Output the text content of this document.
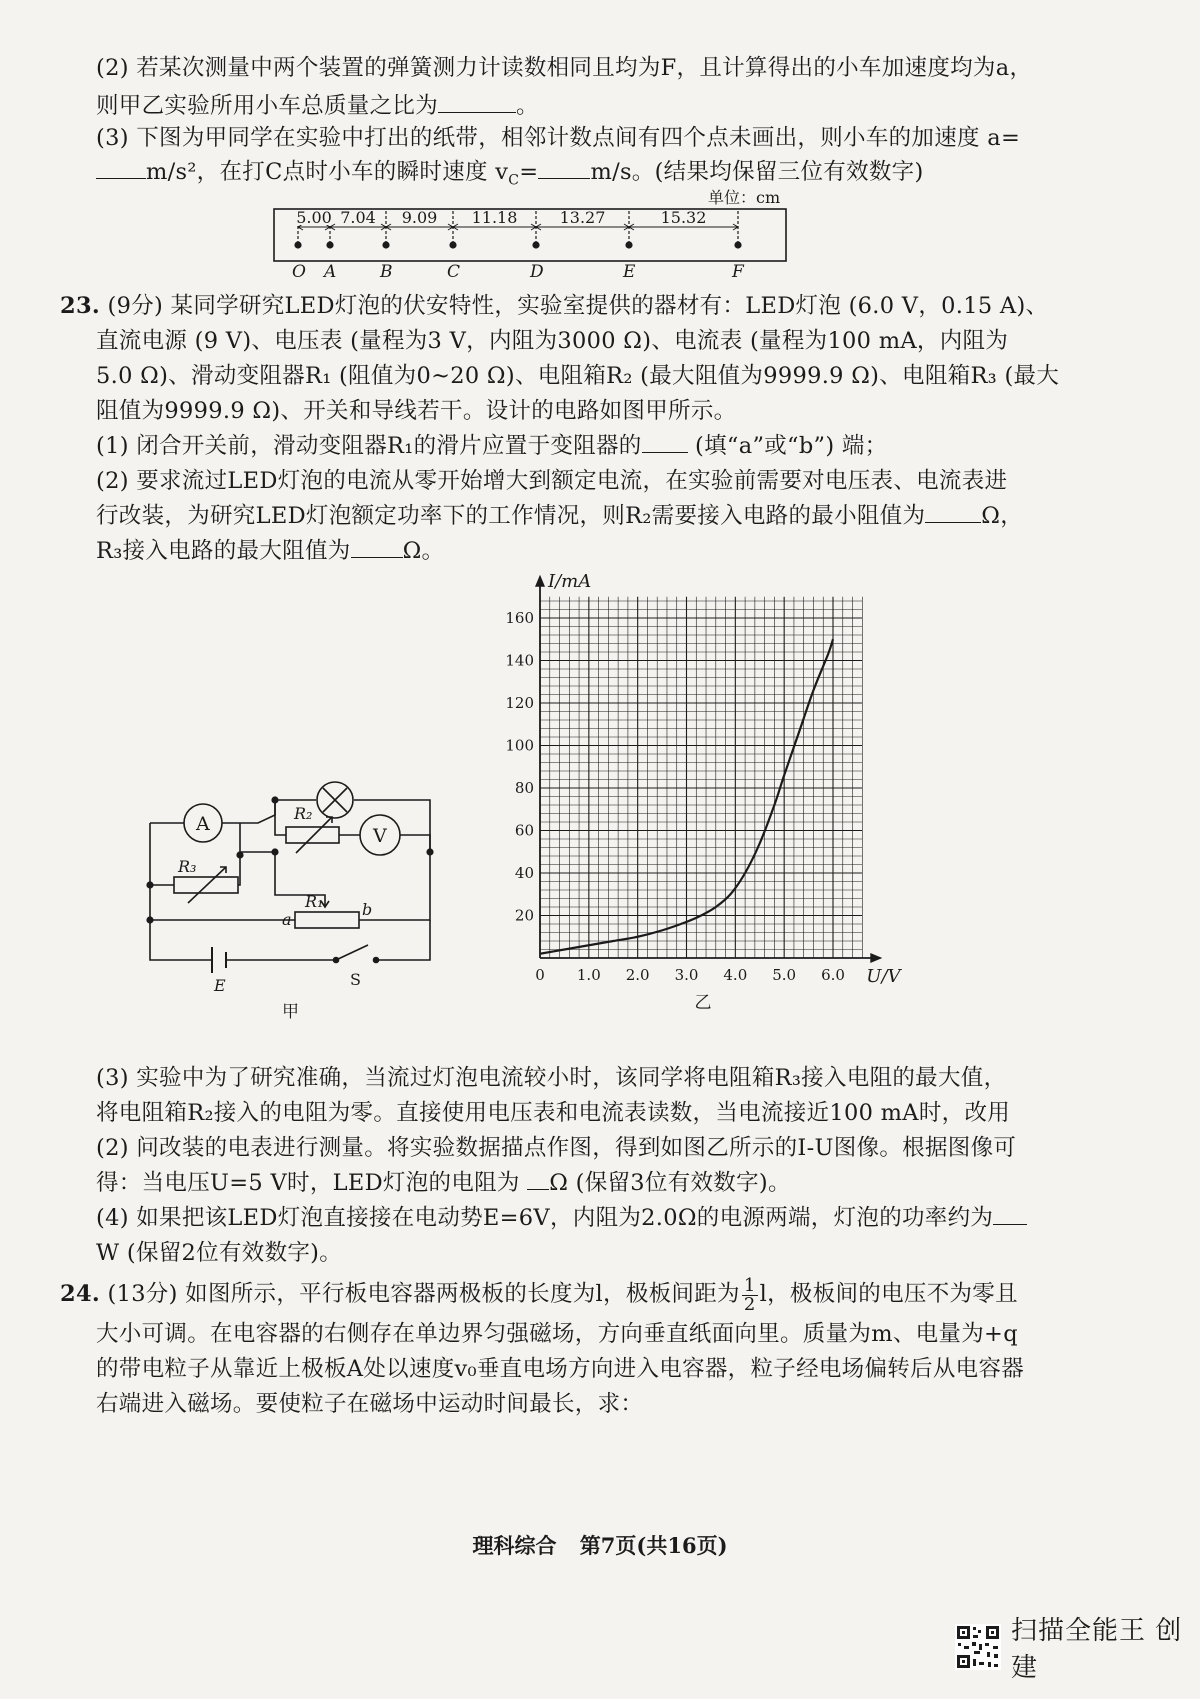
(2) 若某次测量中两个装置的弹簧测力计读数相同且均为F，且计算得出的小车加速度均为a，
则甲乙实验所用小车总质量之比为	。
(3) 下图为甲同学在实验中打出的纸带，相邻计数点间有四个点未画出，则小车的加速度 a=
m/s²，在打C点时小车的瞬时速度 $v_C= m/s$。(结果均保留三位有效数字)
单位：cm
O A	B	C	D	E	F
5.00 7.04 9.09 11.18	13.27	15.32
23. (9分) 某同学研究LED灯泡的伏安特性，实验室提供的器材有：LED灯泡 (6.0 V，0.15 A)、
直流电源 (9 V)、电压表 (量程为3 V，内阻为3000 Ω)、电流表 (量程为100 mA，内阻为
5.0 Ω)、滑动变阻器R₁ (阻值为0~20 Ω)、电阻箱R₂ (最大阻值为9999.9 Ω)、电阻箱R₃ (最大
阻值为9999.9 Ω)、开关和导线若干。设计的电路如图甲所示。
(1) 闭合开关前，滑动变阻器R₁的滑片应置于变阻器的 (填“a”或“b”) 端；
(2) 要求流过LED灯泡的电流从零开始增大到额定电流，在实验前需要对电压表、电流表进
行改装，为研究LED灯泡额定功率下的工作情况，则R₂需要接入电路的最小阻值为 Ω，
R₃接入电路的最大阻值为 Ω。
A
V
R₂
R₃
R₁
a
b
E	S
甲
0 1.0 2.0 3.0 4.0 5.0 6.0
20
40
60
80
100
120
140
160
I/mA
U/V
乙
(3) 实验中为了研究准确，当流过灯泡电流较小时，该同学将电阻箱R₃接入电阻的最大值，
将电阻箱R₂接入的电阻为零。直接使用电压表和电流表读数，当电流接近100 mA时，改用
(2) 问改装的电表进行测量。将实验数据描点作图，得到如图乙所示的I-U图像。根据图像可
得：当电压U=5 V时，LED灯泡的电阻为 Ω (保留3位有效数字)。
(4) 如果把该LED灯泡直接接在电动势E=6V，内阻为2.0Ω的电源两端，灯泡的功率约为
W (保留2位有效数字)。
24. (13分) 如图所示，平行板电容器两极板的长度为l，极板间距为 $\frac{1}{2}$ l，极板间的电压不为零且
大小可调。在电容器的右侧存在单边界匀强磁场，方向垂直纸面向里。质量为m、电量为+q
的带电粒子从靠近上极板A处以速度v₀垂直电场方向进入电容器，粒子经电场偏转后从电容器
右端进入磁场。要使粒子在磁场中运动时间最长，求：
理科综合 第7页(共16页)
扫描全能王 创建
